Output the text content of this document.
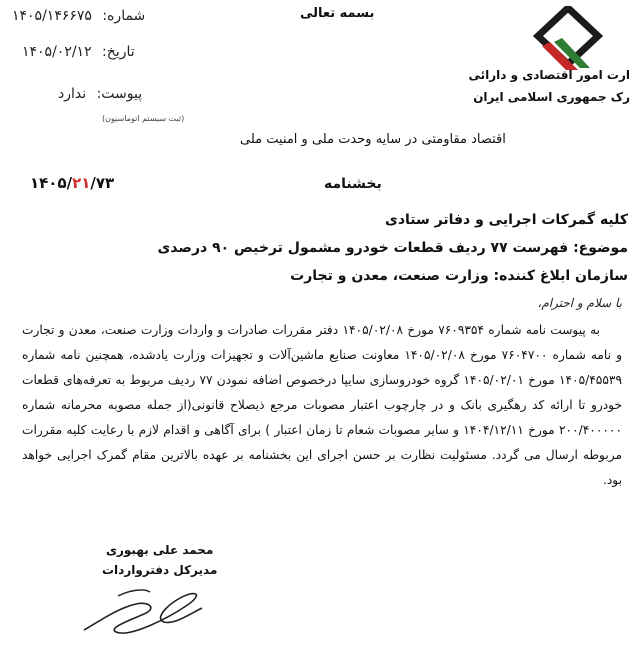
بسمه تعالی
شماره: ۱۴۰۵/۱۴۶۶۷۵
تاریخ: ۱۴۰۵/۰۲/۱۲
پیوست: ندارد
(ثبت سیستم اتوماسیون)
ارت امور اقتصادی و دارائی
رک جمهوری اسلامی ایران
اقتصاد مقاومتی در سایه وحدت ملی و امنیت ملی
بخشنامه
۱۴۰۵/۲۱/۷۳
کلیه گمرکات اجرایی و دفاتر ستادی
موضوع: فهرست ۷۷ ردیف قطعات خودرو مشمول ترخیص ۹۰ درصدی
سازمان ابلاغ کننده: وزارت صنعت، معدن و تجارت
با سلام و احترام،

به پیوست نامه شماره ۷۶۰۹۳۵۴ مورخ ۱۴۰۵/۰۲/۰۸ دفتر مقررات صادرات و واردات وزارت صنعت، معدن و تجارت و نامه شماره ۷۶۰۴۷۰۰ مورخ ۱۴۰۵/۰۲/۰۸ معاونت صنایع ماشین‌آلات و تجهیزات وزارت یادشده، همچنین نامه شماره ۱۴۰۵/۴۵۵۳۹ مورخ ۱۴۰۵/۰۲/۰۱ گروه خودروسازی سایپا درخصوص اضافه نمودن ۷۷ ردیف مربوط به تعرفه‌های قطعات خودرو تا ارائه کد رهگیری بانک و در چارچوب اعتبار مصوبات مرجع ذیصلاح قانونی(از جمله مصوبه محرمانه شماره ۲۰۰/۴۰۰۰۰۰ مورخ ۱۴۰۴/۱۲/۱۱ و سایر مصوبات شعام تا زمان اعتبار ) برای آگاهی و اقدام لازم با رعایت کلیه مقررات مربوطه ارسال می گردد. مسئولیت نظارت بر حسن اجرای این بخشنامه بر عهده بالاترین مقام گمرک اجرایی خواهد بود.

محمد علی بهبوری
مدیرکل دفترواردات
